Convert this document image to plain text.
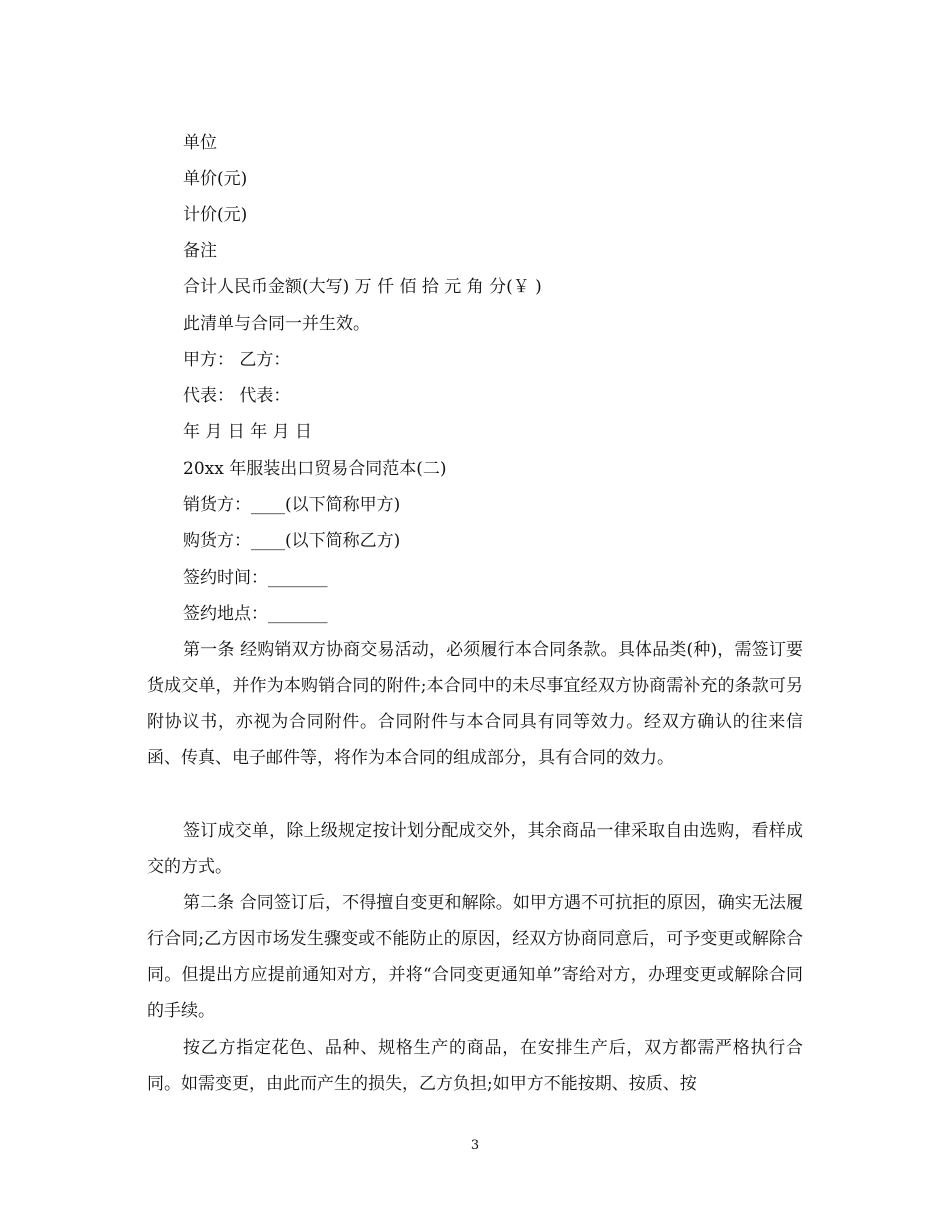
单位
单价(元)
计价(元)
备注
合计人民币金额(大写) 万 仟 佰 拾 元 角 分(￥ )
此清单与合同一并生效。
甲方： 乙方：
代表： 代表：
年 月 日 年 月 日
20xx 年服装出口贸易合同范本(二)
销货方：____(以下简称甲方)
购货方：____(以下简称乙方)
签约时间：_______
签约地点：_______
第一条 经购销双方协商交易活动，必须履行本合同条款。具体品类(种)，需签订要货成交单，并作为本购销合同的附件;本合同中的未尽事宜经双方协商需补充的条款可另附协议书，亦视为合同附件。合同附件与本合同具有同等效力。经双方确认的往来信函、传真、电子邮件等，将作为本合同的组成部分，具有合同的效力。
签订成交单，除上级规定按计划分配成交外，其余商品一律采取自由选购，看样成交的方式。
第二条 合同签订后，不得擅自变更和解除。如甲方遇不可抗拒的原因，确实无法履行合同;乙方因市场发生骤变或不能防止的原因，经双方协商同意后，可予变更或解除合同。但提出方应提前通知对方，并将“合同变更通知单”寄给对方，办理变更或解除合同的手续。
按乙方指定花色、品种、规格生产的商品，在安排生产后，双方都需严格执行合同。如需变更，由此而产生的损失，乙方负担;如甲方不能按期、按质、按
3
